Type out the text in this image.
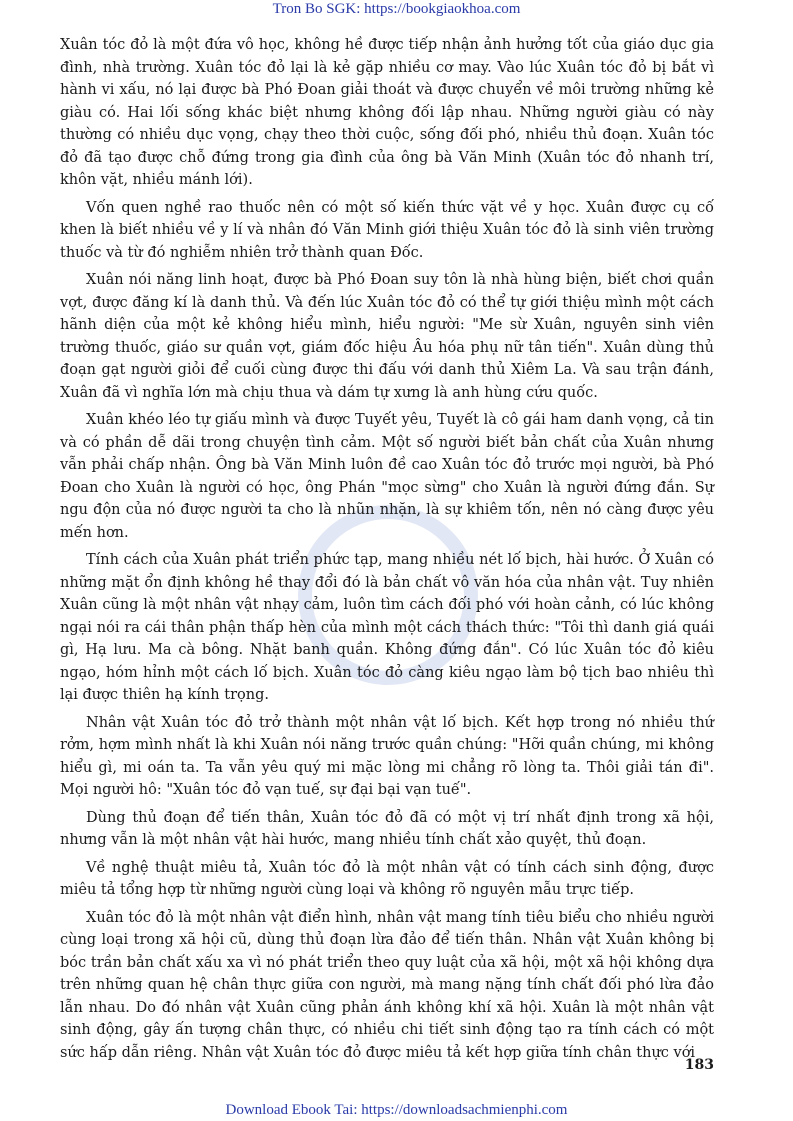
Tron Bo SGK: https://bookgiaokhoa.com

Xuân tóc đỏ là một đứa vô học, không hề được tiếp nhận ảnh hưởng tốt của giáo dục gia đình, nhà trường. Xuân tóc đỏ lại là kẻ gặp nhiều cơ may. Vào lúc Xuân tóc đỏ bị bắt vì hành vi xấu, nó lại được bà Phó Đoan giải thoát và được chuyển về môi trường những kẻ giàu có. Hai lối sống khác biệt nhưng không đối lập nhau. Những người giàu có này thường có nhiều dục vọng, chạy theo thời cuộc, sống đối phó, nhiều thủ đoạn. Xuân tóc đỏ đã tạo được chỗ đứng trong gia đình của ông bà Văn Minh (Xuân tóc đỏ nhanh trí, khôn vặt, nhiều mánh lới).

Vốn quen nghề rao thuốc nên có một số kiến thức vặt về y học. Xuân được cụ cố khen là biết nhiều về y lí và nhân đó Văn Minh giới thiệu Xuân tóc đỏ là sinh viên trường thuốc và từ đó nghiễm nhiên trở thành quan Đốc.

Xuân nói năng linh hoạt, được bà Phó Đoan suy tôn là nhà hùng biện, biết chơi quần vợt, được đăng kí là danh thủ. Và đến lúc Xuân tóc đỏ có thể tự giới thiệu mình một cách hãnh diện của một kẻ không hiểu mình, hiểu người: "Me sừ Xuân, nguyên sinh viên trường thuốc, giáo sư quần vợt, giám đốc hiệu Âu hóa phụ nữ tân tiến". Xuân dùng thủ đoạn gạt người giỏi để cuối cùng được thi đấu với danh thủ Xiêm La. Và sau trận đánh, Xuân đã vì nghĩa lớn mà chịu thua và dám tự xưng là anh hùng cứu quốc.

Xuân khéo léo tự giấu mình và được Tuyết yêu, Tuyết là cô gái ham danh vọng, cả tin và có phần dễ dãi trong chuyện tình cảm. Một số người biết bản chất của Xuân nhưng vẫn phải chấp nhận. Ông bà Văn Minh luôn đề cao Xuân tóc đỏ trước mọi người, bà Phó Đoan cho Xuân là người có học, ông Phán "mọc sừng" cho Xuân là người đứng đắn. Sự ngu độn của nó được người ta cho là nhũn nhặn, là sự khiêm tốn, nên nó càng được yêu mến hơn.

Tính cách của Xuân phát triển phức tạp, mang nhiều nét lố bịch, hài hước. Ở Xuân có những mặt ổn định không hề thay đổi đó là bản chất vô văn hóa của nhân vật. Tuy nhiên Xuân cũng là một nhân vật nhạy cảm, luôn tìm cách đối phó với hoàn cảnh, có lúc không ngại nói ra cái thân phận thấp hèn của mình một cách thách thức: "Tôi thì danh giá quái gì, Hạ lưu. Ma cà bông. Nhặt banh quần. Không đứng đắn". Có lúc Xuân tóc đỏ kiêu ngạo, hóm hỉnh một cách lố bịch. Xuân tóc đỏ càng kiêu ngạo làm bộ tịch bao nhiêu thì lại được thiên hạ kính trọng.

Nhân vật Xuân tóc đỏ trở thành một nhân vật lố bịch. Kết hợp trong nó nhiều thứ rởm, hợm mình nhất là khi Xuân nói năng trước quần chúng: "Hỡi quần chúng, mi không hiểu gì, mi oán ta. Ta vẫn yêu quý mi mặc lòng mi chẳng rõ lòng ta. Thôi giải tán đi". Mọi người hô: "Xuân tóc đỏ vạn tuế, sự đại bại vạn tuế".

Dùng thủ đoạn để tiến thân, Xuân tóc đỏ đã có một vị trí nhất định trong xã hội, nhưng vẫn là một nhân vật hài hước, mang nhiều tính chất xảo quyệt, thủ đoạn.

Về nghệ thuật miêu tả, Xuân tóc đỏ là một nhân vật có tính cách sinh động, được miêu tả tổng hợp từ những người cùng loại và không rõ nguyên mẫu trực tiếp.

Xuân tóc đỏ là một nhân vật điển hình, nhân vật mang tính tiêu biểu cho nhiều người cùng loại trong xã hội cũ, dùng thủ đoạn lừa đảo để tiến thân. Nhân vật Xuân không bị bóc trần bản chất xấu xa vì nó phát triển theo quy luật của xã hội, một xã hội không dựa trên những quan hệ chân thực giữa con người, mà mang nặng tính chất đối phó lừa đảo lẫn nhau. Do đó nhân vật Xuân cũng phản ánh không khí xã hội. Xuân là một nhân vật sinh động, gây ấn tượng chân thực, có nhiều chi tiết sinh động tạo ra tính cách có một sức hấp dẫn riêng. Nhân vật Xuân tóc đỏ được miêu tả kết hợp giữa tính chân thực với

183
Download Ebook Tai: https://downloadsachmienphi.com
